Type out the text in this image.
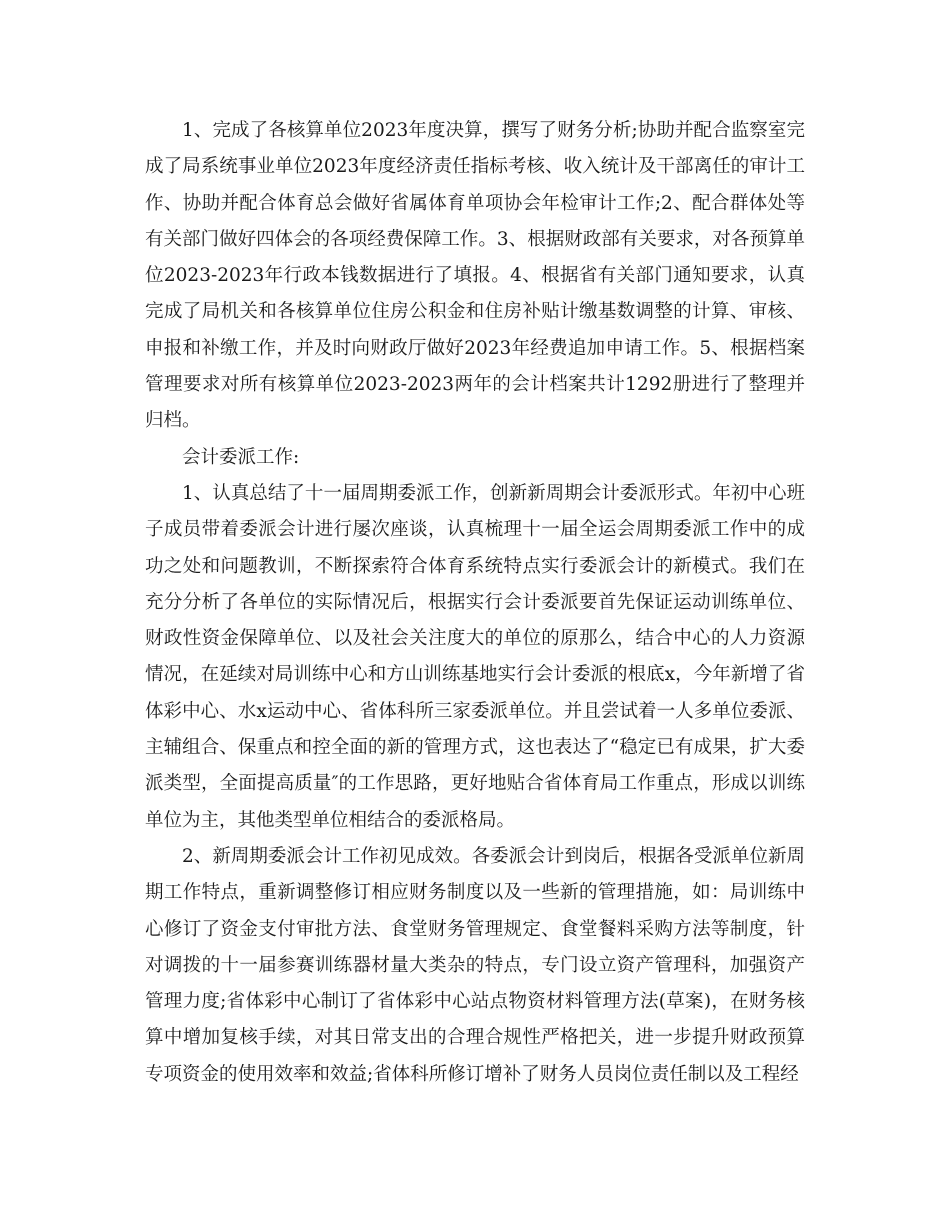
1、完成了各核算单位2023年度决算，撰写了财务分析;协助并配合监察室完成了局系统事业单位2023年度经济责任指标考核、收入统计及干部离任的审计工作、协助并配合体育总会做好省属体育单项协会年检审计工作;2、配合群体处等有关部门做好四体会的各项经费保障工作。3、根据财政部有关要求，对各预算单位2023-2023年行政本钱数据进行了填报。4、根据省有关部门通知要求，认真完成了局机关和各核算单位住房公积金和住房补贴计缴基数调整的计算、审核、申报和补缴工作，并及时向财政厅做好2023年经费追加申请工作。5、根据档案管理要求对所有核算单位2023-2023两年的会计档案共计1292册进行了整理并归档。

会计委派工作:

1、认真总结了十一届周期委派工作，创新新周期会计委派形式。年初中心班子成员带着委派会计进行屡次座谈，认真梳理十一届全运会周期委派工作中的成功之处和问题教训，不断探索符合体育系统特点实行委派会计的新模式。我们在充分分析了各单位的实际情况后，根据实行会计委派要首先保证运动训练单位、财政性资金保障单位、以及社会关注度大的单位的原那么，结合中心的人力资源情况，在延续对局训练中心和方山训练基地实行会计委派的根底x，今年新增了省体彩中心、水x运动中心、省体科所三家委派单位。并且尝试着一人多单位委派、主辅组合、保重点和控全面的新的管理方式，这也表达了“稳定已有成果，扩大委派类型，全面提高质量″的工作思路，更好地贴合省体育局工作重点，形成以训练单位为主，其他类型单位相结合的委派格局。

2、新周期委派会计工作初见成效。各委派会计到岗后，根据各受派单位新周期工作特点，重新调整修订相应财务制度以及一些新的管理措施，如：局训练中心修订了资金支付审批方法、食堂财务管理规定、食堂餐料采购方法等制度，针对调拨的十一届参赛训练器材量大类杂的特点，专门设立资产管理科，加强资产管理力度;省体彩中心制订了省体彩中心站点物资材料管理方法(草案)，在财务核算中增加复核手续，对其日常支出的合理合规性严格把关，进一步提升财政预算专项资金的使用效率和效益;省体科所修订增补了财务人员岗位责任制以及工程经
